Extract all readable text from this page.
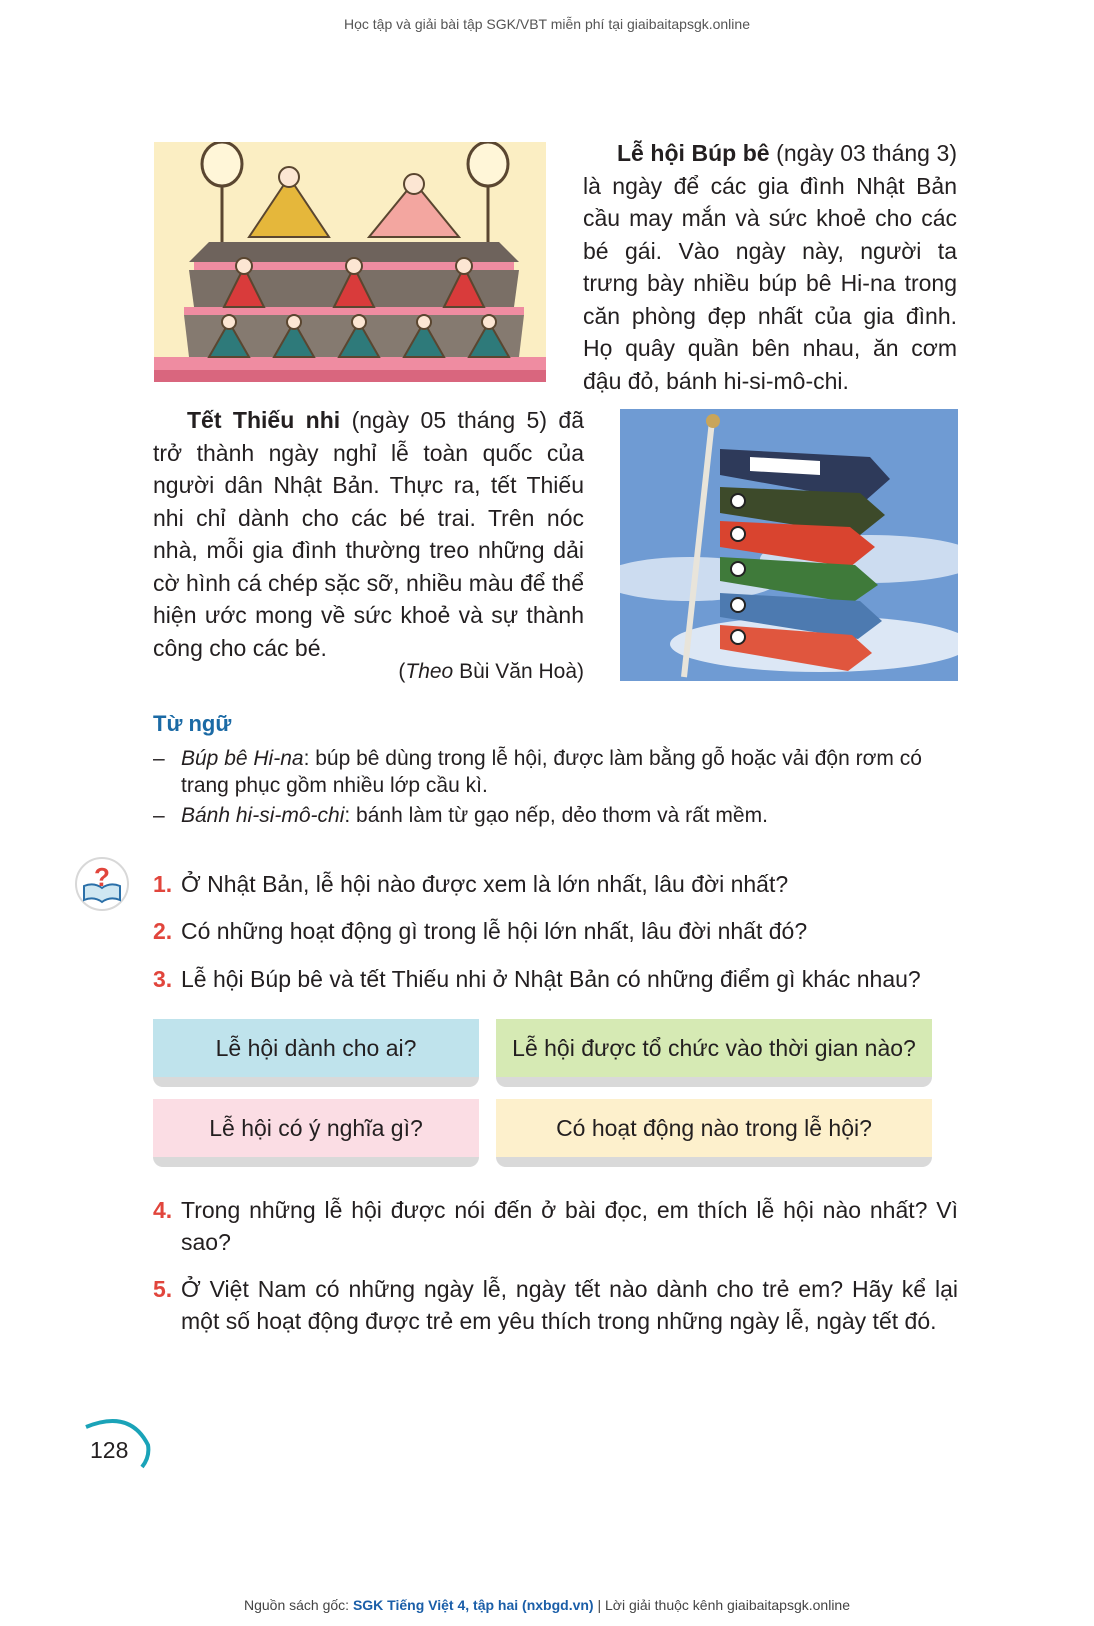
Học tập và giải bài tập SGK/VBT miễn phí tại giaibaitapsgk.online
Lễ hội Búp bê (ngày 03 tháng 3) là ngày để các gia đình Nhật Bản cầu may mắn và sức khoẻ cho các bé gái. Vào ngày này, người ta trưng bày nhiều búp bê Hi-na trong căn phòng đẹp nhất của gia đình. Họ quây quần bên nhau, ăn cơm đậu đỏ, bánh hi-si-mô-chi.
Tết Thiếu nhi (ngày 05 tháng 5) đã trở thành ngày nghỉ lễ toàn quốc của người dân Nhật Bản. Thực ra, tết Thiếu nhi chỉ dành cho các bé trai. Trên nóc nhà, mỗi gia đình thường treo những dải cờ hình cá chép sặc sỡ, nhiều màu để thể hiện ước mong về sức khoẻ và sự thành công cho các bé.
(Theo Bùi Văn Hoà)
Từ ngữ
– Búp bê Hi-na: búp bê dùng trong lễ hội, được làm bằng gỗ hoặc vải độn rơm có trang phục gồm nhiều lớp cầu kì.
– Bánh hi-si-mô-chi: bánh làm từ gạo nếp, dẻo thơm và rất mềm.
? 1. Ở Nhật Bản, lễ hội nào được xem là lớn nhất, lâu đời nhất?
2. Có những hoạt động gì trong lễ hội lớn nhất, lâu đời nhất đó?
3. Lễ hội Búp bê và tết Thiếu nhi ở Nhật Bản có những điểm gì khác nhau?
Lễ hội dành cho ai?	Lễ hội được tổ chức vào thời gian nào?
Lễ hội có ý nghĩa gì?	Có hoạt động nào trong lễ hội?
4. Trong những lễ hội được nói đến ở bài đọc, em thích lễ hội nào nhất? Vì sao?
5. Ở Việt Nam có những ngày lễ, ngày tết nào dành cho trẻ em? Hãy kể lại một số hoạt động được trẻ em yêu thích trong những ngày lễ, ngày tết đó.
128
Nguồn sách gốc: SGK Tiếng Việt 4, tập hai (nxbgd.vn) | Lời giải thuộc kênh giaibaitapsgk.online
